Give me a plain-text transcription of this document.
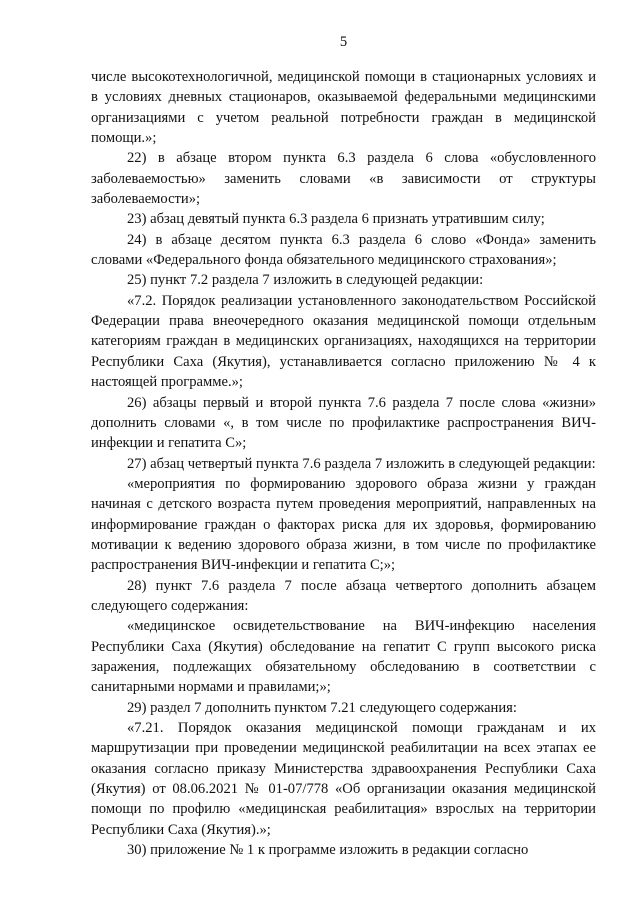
5

числе высокотехнологичной, медицинской помощи в стационарных условиях и в условиях дневных стационаров, оказываемой федеральными медицинскими организациями с учетом реальной потребности граждан в медицинской помощи.»;

22) в абзаце втором пункта 6.3 раздела 6 слова «обусловленного заболеваемостью» заменить словами «в зависимости от структуры заболеваемости»;

23) абзац девятый пункта 6.3 раздела 6 признать утратившим силу;

24) в абзаце десятом пункта 6.3 раздела 6 слово «Фонда» заменить словами «Федерального фонда обязательного медицинского страхования»;

25) пункт 7.2 раздела 7 изложить в следующей редакции:

«7.2. Порядок реализации установленного законодательством Российской Федерации права внеочередного оказания медицинской помощи отдельным категориям граждан в медицинских организациях, находящихся на территории Республики Саха (Якутия), устанавливается согласно приложению № 4 к настоящей программе.»;

26) абзацы первый и второй пункта 7.6 раздела 7 после слова «жизни» дополнить словами «, в том числе по профилактике распространения ВИЧ-инфекции и гепатита С»;

27) абзац четвертый пункта 7.6 раздела 7 изложить в следующей редакции:

«мероприятия по формированию здорового образа жизни у граждан начиная с детского возраста путем проведения мероприятий, направленных на информирование граждан о факторах риска для их здоровья, формированию мотивации к ведению здорового образа жизни, в том числе по профилактике распространения ВИЧ-инфекции и гепатита С;»;

28) пункт 7.6 раздела 7 после абзаца четвертого дополнить абзацем следующего содержания:

«медицинское освидетельствование на ВИЧ-инфекцию населения Республики Саха (Якутия) обследование на гепатит С групп высокого риска заражения, подлежащих обязательному обследованию в соответствии с санитарными нормами и правилами;»;

29) раздел 7 дополнить пунктом 7.21 следующего содержания:

«7.21. Порядок оказания медицинской помощи гражданам и их маршрутизации при проведении медицинской реабилитации на всех этапах ее оказания согласно приказу Министерства здравоохранения Республики Саха (Якутия) от 08.06.2021 № 01-07/778 «Об организации оказания медицинской помощи по профилю «медицинская реабилитация» взрослых на территории Республики Саха (Якутия).»;

30) приложение № 1 к программе изложить в редакции согласно
